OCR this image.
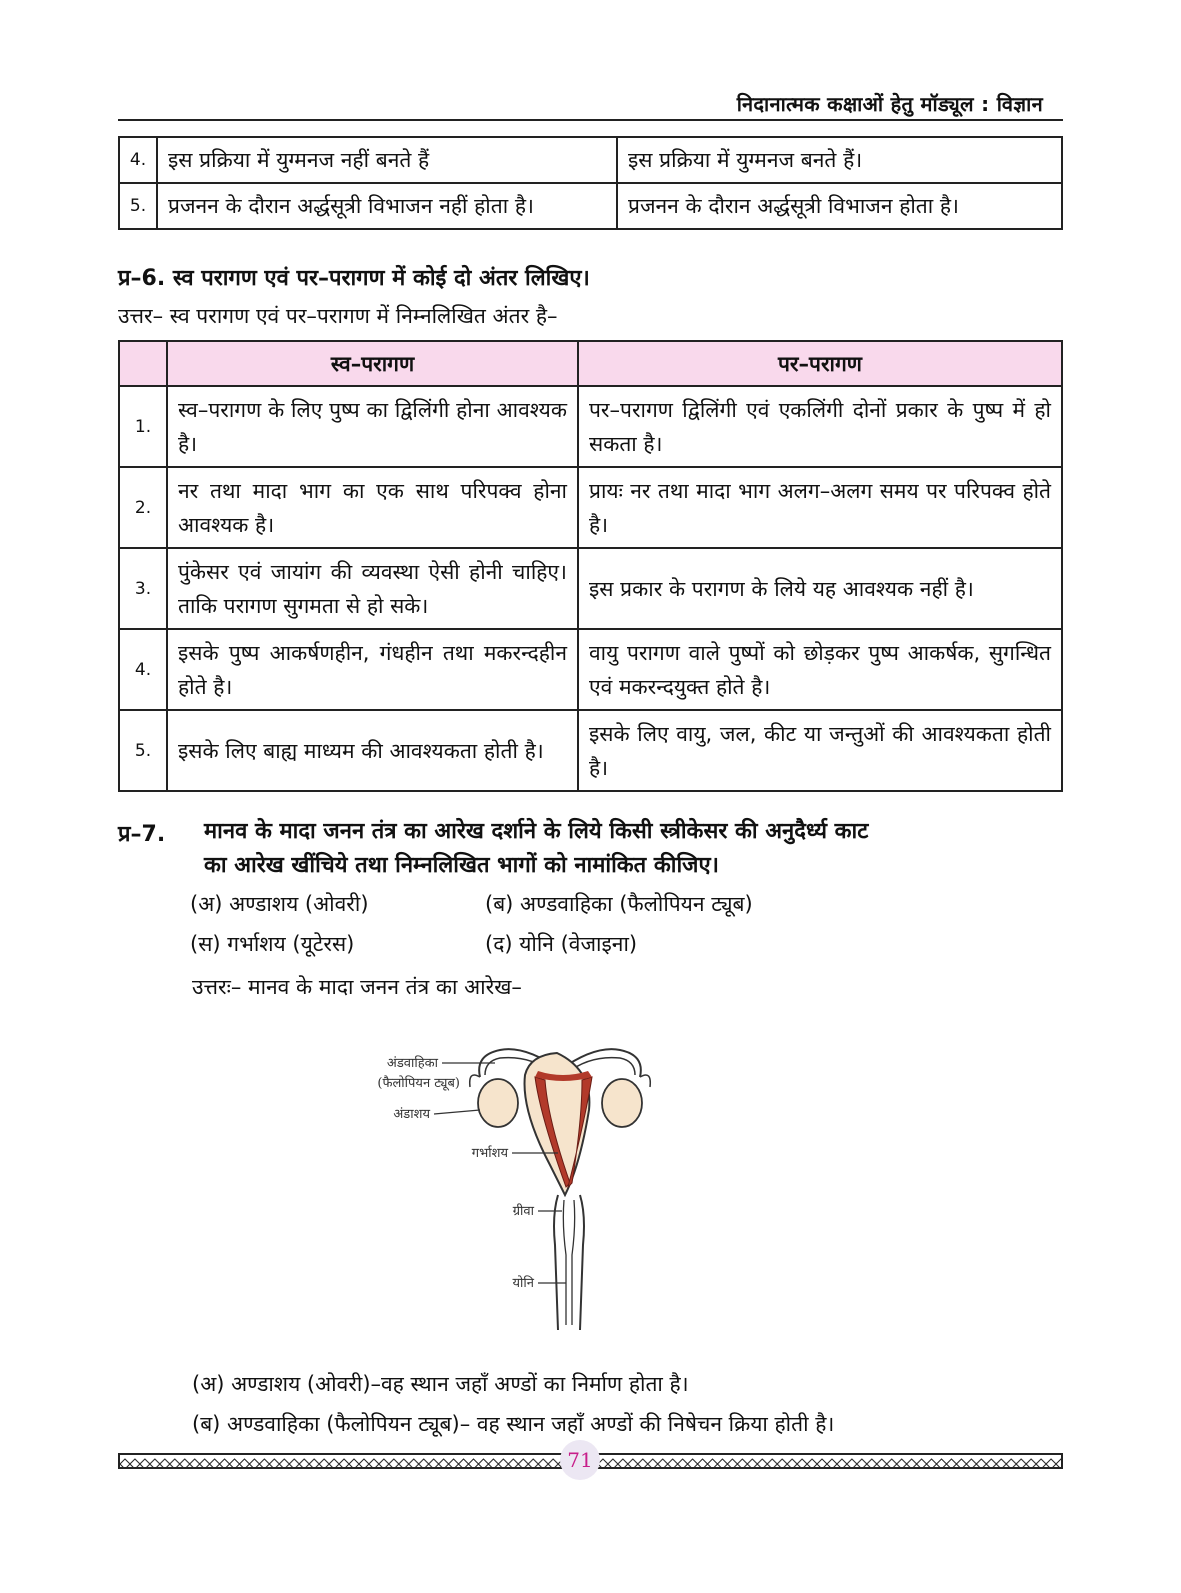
निदानात्मक कक्षाओं हेतु मॉड्यूल : विज्ञान
4.	इस प्रक्रिया में युग्मनज नहीं बनते हैं	इस प्रक्रिया में युग्मनज बनते हैं।
5.	प्रजनन के दौरान अर्द्धसूत्री विभाजन नहीं होता है।	प्रजनन के दौरान अर्द्धसूत्री विभाजन होता है।
प्र–6. स्व परागण एवं पर–परागण में कोई दो अंतर लिखिए।
उत्तर– स्व परागण एवं पर–परागण में निम्नलिखित अंतर है–
	स्व–परागण	पर–परागण
1.	स्व–परागण के लिए पुष्प का द्विलिंगी होना आवश्यक है।	पर–परागण द्विलिंगी एवं एकलिंगी दोनों प्रकार के पुष्प में हो सकता है।
2.	नर तथा मादा भाग का एक साथ परिपक्व होना आवश्यक है।	प्रायः नर तथा मादा भाग अलग–अलग समय पर परिपक्व होते है।
3.	पुंकेसर एवं जायांग की व्यवस्था ऐसी होनी चाहिए। ताकि परागण सुगमता से हो सके।	इस प्रकार के परागण के लिये यह आवश्यक नहीं है।
4.	इसके पुष्प आकर्षणहीन, गंधहीन तथा मकरन्दहीन होते है।	वायु परागण वाले पुष्पों को छोड़कर पुष्प आकर्षक, सुगन्धित एवं मकरन्दयुक्त होते है।
5.	इसके लिए बाह्य माध्यम की आवश्यकता होती है।	इसके लिए वायु, जल, कीट या जन्तुओं की आवश्यकता होती है।
प्र–7. मानव के मादा जनन तंत्र का आरेख दर्शाने के लिये किसी स्त्रीकेसर की अनुदैर्ध्य काट
का आरेख खींचिये तथा निम्नलिखित भागों को नामांकित कीजिए।
(अ) अण्डाशय (ओवरी)	(ब) अण्डवाहिका (फैलोपियन ट्यूब)
(स) गर्भाशय (यूटेरस)	(द) योनि (वेजाइना)
उत्तरः– मानव के मादा जनन तंत्र का आरेख–
अंडवाहिका
(फैलोपियन ट्यूब)
अंडाशय
गर्भाशय
ग्रीवा
योनि
(अ) अण्डाशय (ओवरी)–वह स्थान जहाँ अण्डों का निर्माण होता है।
(ब) अण्डवाहिका (फैलोपियन ट्यूब)– वह स्थान जहाँ अण्डों की निषेचन क्रिया होती है।
71
